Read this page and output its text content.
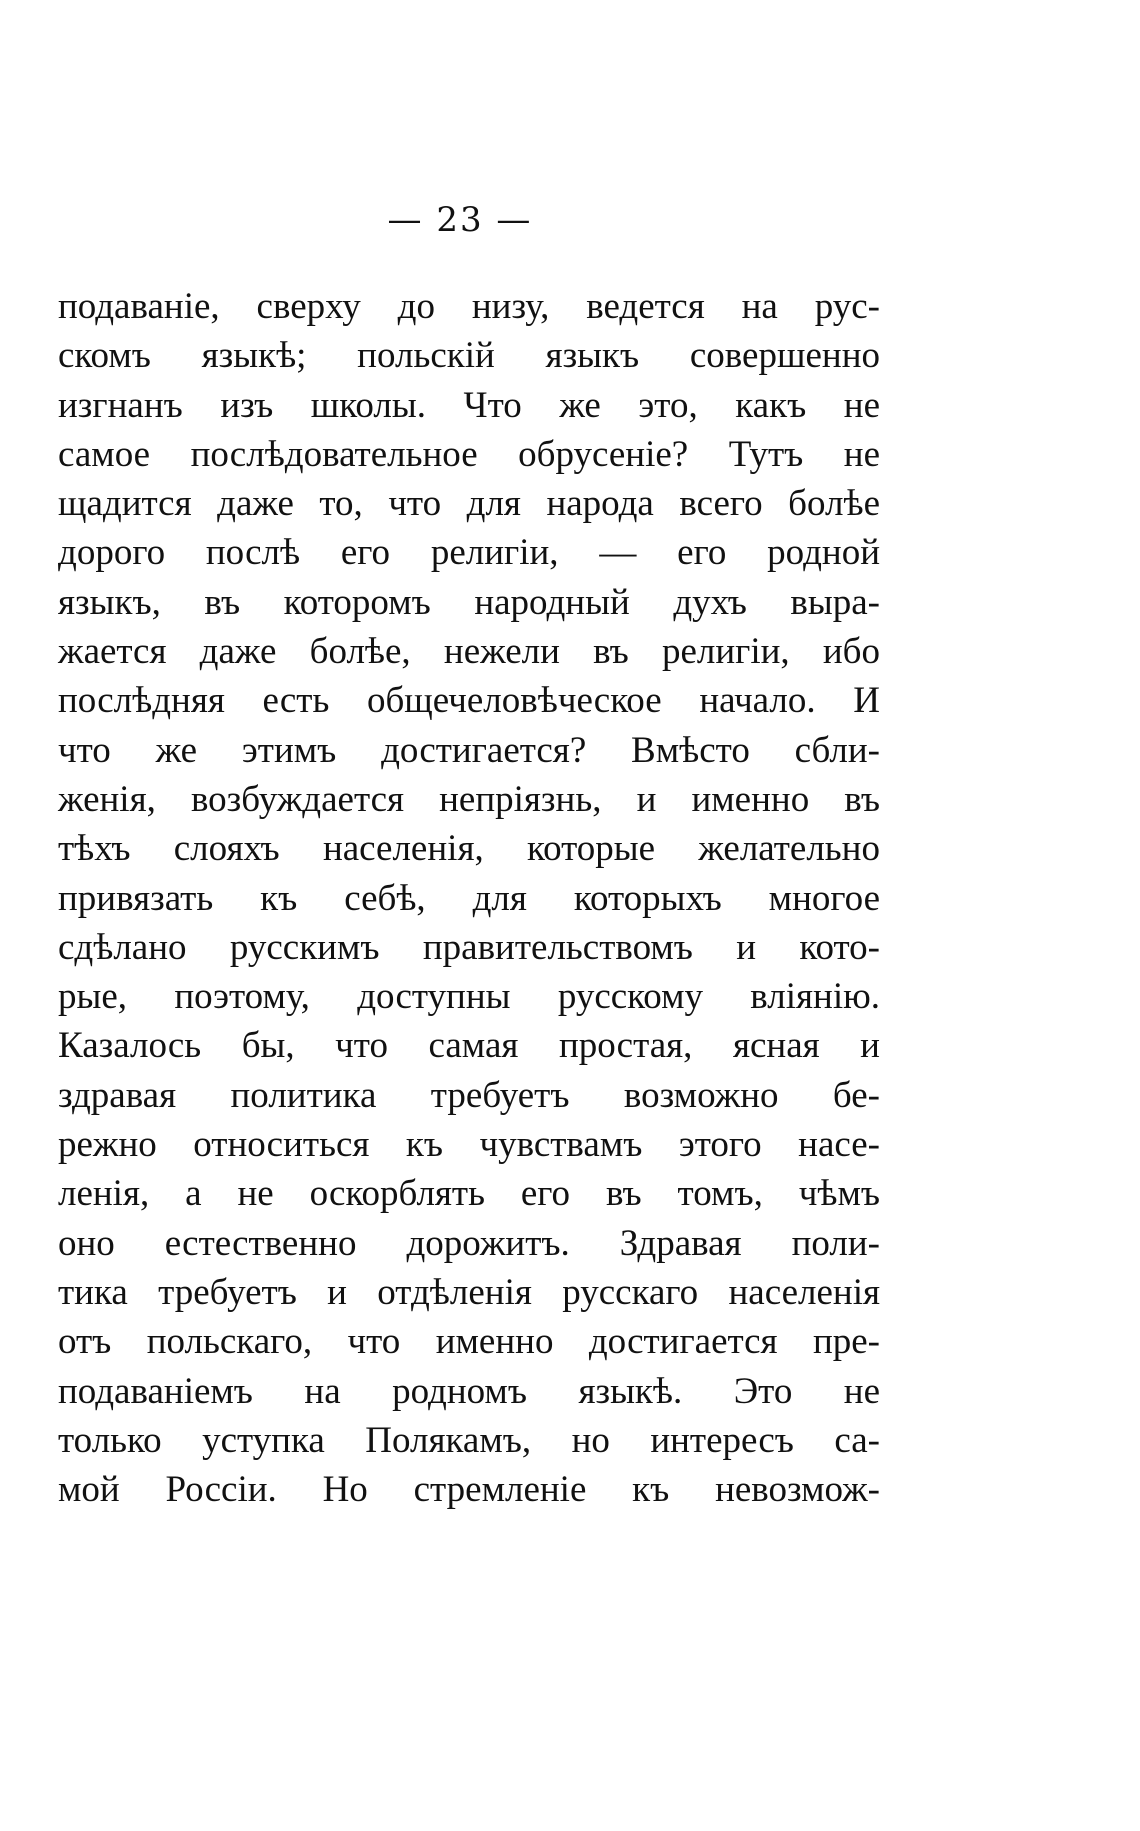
— 23 —
подаваніе, сверху до низу, ведется на рус-
скомъ языкѣ; польскій языкъ совершенно
изгнанъ изъ школы. Что же это, какъ не
самое послѣдовательное обрусеніе? Тутъ не
щадится даже то, что для народа всего болѣе
дорого послѣ его религіи, — его родной
языкъ, въ которомъ народный духъ выра-
жается даже болѣе, нежели въ религіи, ибо
послѣдняя есть общечеловѣческое начало. И
что же этимъ достигается? Вмѣсто сбли-
женія, возбуждается непріязнь, и именно въ
тѣхъ слояхъ населенія, которые желательно
привязать къ себѣ, для которыхъ многое
сдѣлано русскимъ правительствомъ и кото-
рые, поэтому, доступны русскому вліянію.
Казалось бы, что самая простая, ясная и
здравая политика требуетъ возможно бе-
режно относиться къ чувствамъ этого насе-
ленія, а не оскорблять его въ томъ, чѣмъ
оно естественно дорожитъ. Здравая поли-
тика требуетъ и отдѣленія русскаго населенія
отъ польскаго, что именно достигается пре-
подаваніемъ на родномъ языкѣ. Это не
только уступка Полякамъ, но интересъ са-
мой Россіи. Но стремленіе къ невозмож-
